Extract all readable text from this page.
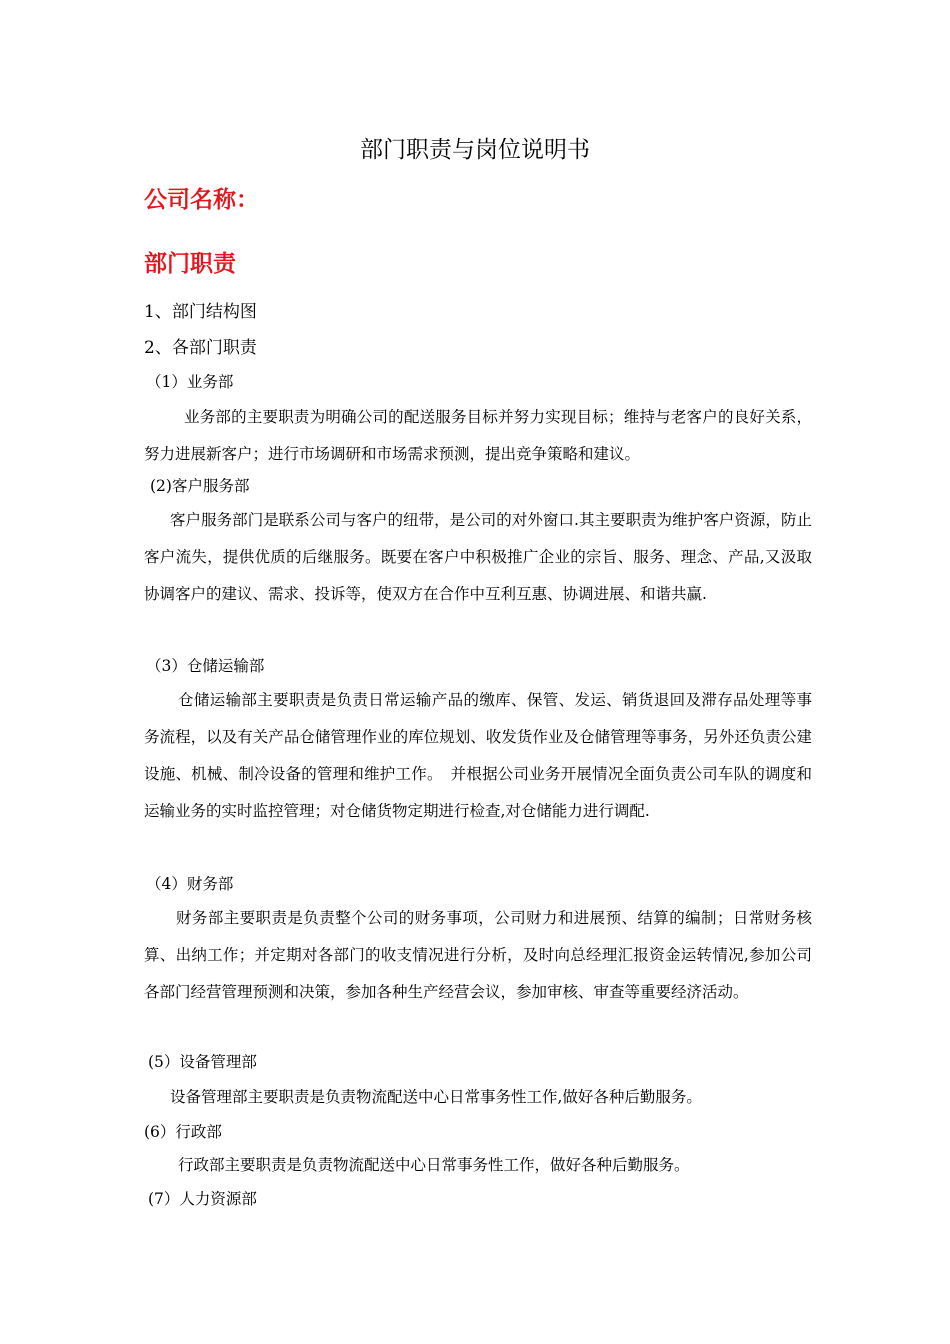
部门职责与岗位说明书
公司名称：
部门职责
1、部门结构图
2、各部门职责
（1）业务部
业务部的主要职责为明确公司的配送服务目标并努力实现目标；维持与老客户的良好关系，努力进展新客户；进行市场调研和市场需求预测，提出竞争策略和建议。
(2)客户服务部
客户服务部门是联系公司与客户的纽带，是公司的对外窗口.其主要职责为维护客户资源，防止客户流失，提供优质的后继服务。既要在客户中积极推广企业的宗旨、服务、理念、产品,又汲取协调客户的建议、需求、投诉等，使双方在合作中互利互惠、协调进展、和谐共赢.
（3）仓储运输部
仓储运输部主要职责是负责日常运输产品的缴库、保管、发运、销货退回及滞存品处理等事务流程，以及有关产品仓储管理作业的库位规划、收发货作业及仓储管理等事务，另外还负责公建设施、机械、制冷设备的管理和维护工作。　并根据公司业务开展情况全面负责公司车队的调度和运输业务的实时监控管理；对仓储货物定期进行检查,对仓储能力进行调配.
（4）财务部
财务部主要职责是负责整个公司的财务事项，公司财力和进展预、结算的编制；日常财务核算、出纳工作；并定期对各部门的收支情况进行分析，及时向总经理汇报资金运转情况,参加公司各部门经营管理预测和决策，参加各种生产经营会议，参加审核、审查等重要经济活动。
(5）设备管理部
设备管理部主要职责是负责物流配送中心日常事务性工作,做好各种后勤服务。
(6）行政部
行政部主要职责是负责物流配送中心日常事务性工作，做好各种后勤服务。
(7）人力资源部
